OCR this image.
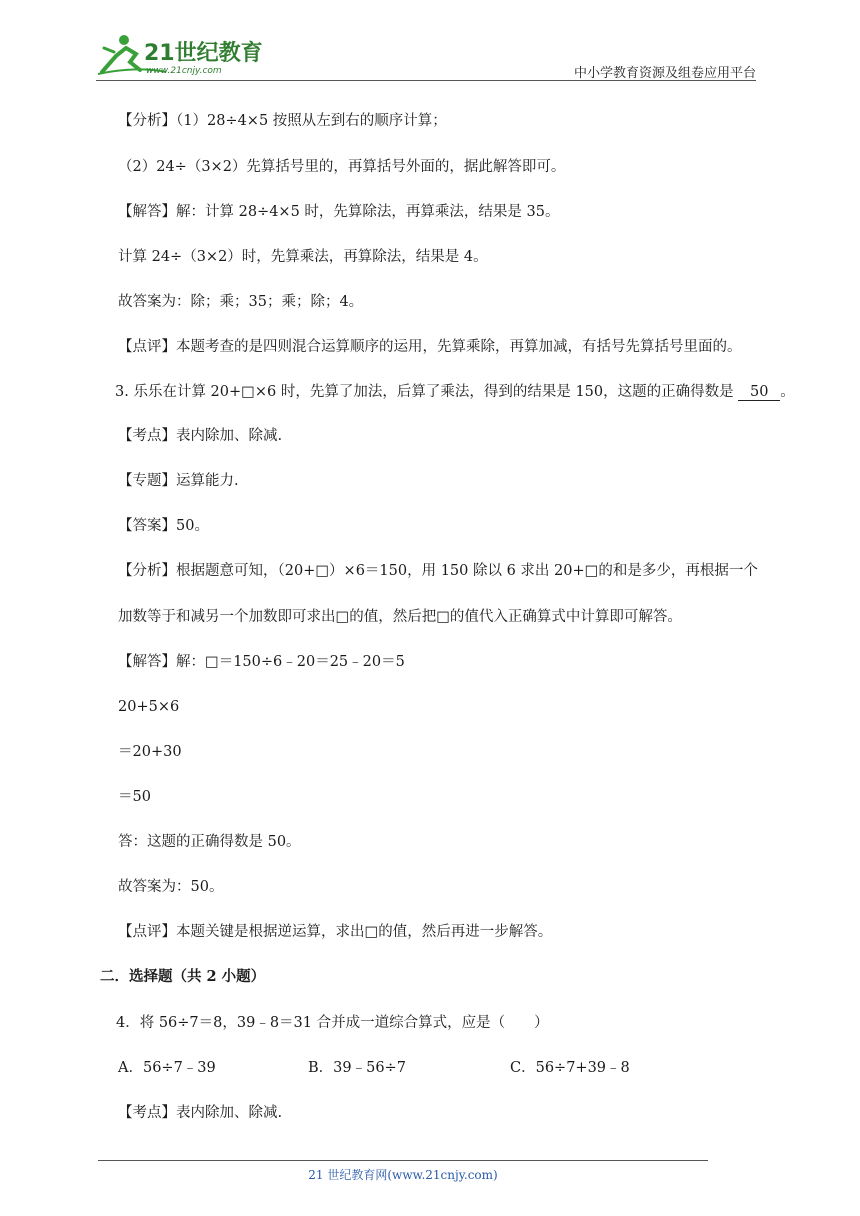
21世纪教育
www.21cnjy.com	中小学教育资源及组卷应用平台
【分析】（1）28÷4×5 按照从左到右的顺序计算；
（2）24÷（3×2）先算括号里的，再算括号外面的，据此解答即可。
【解答】解：计算 28÷4×5 时，先算除法，再算乘法，结果是 35。
计算 24÷（3×2）时，先算乘法，再算除法，结果是 4。
故答案为：除；乘；35；乘；除；4。
【点评】本题考查的是四则混合运算顺序的运用，先算乘除，再算加减，有括号先算括号里面的。
3. 乐乐在计算 20+□×6 时，先算了加法，后算了乘法，得到的结果是 150，这题的正确得数是 50 。
【考点】表内除加、除减.
【专题】运算能力.
【答案】50。
【分析】根据题意可知，（20+□）×6＝150，用 150 除以 6 求出 20+□的和是多少，再根据一个
加数等于和减另一个加数即可求出□的值，然后把□的值代入正确算式中计算即可解答。
【解答】解：□＝150÷6﹣20＝25﹣20＝5
20+5×6
＝20+30
＝50
答：这题的正确得数是 50。
故答案为：50。
【点评】本题关键是根据逆运算，求出□的值，然后再进一步解答。
二．选择题（共 2 小题）
4．将 56÷7＝8，39﹣8＝31 合并成一道综合算式，应是（　　）
A．56÷7﹣39	B．39﹣56÷7	C．56÷7+39﹣8
【考点】表内除加、除减.
21 世纪教育网(www.21cnjy.com)
